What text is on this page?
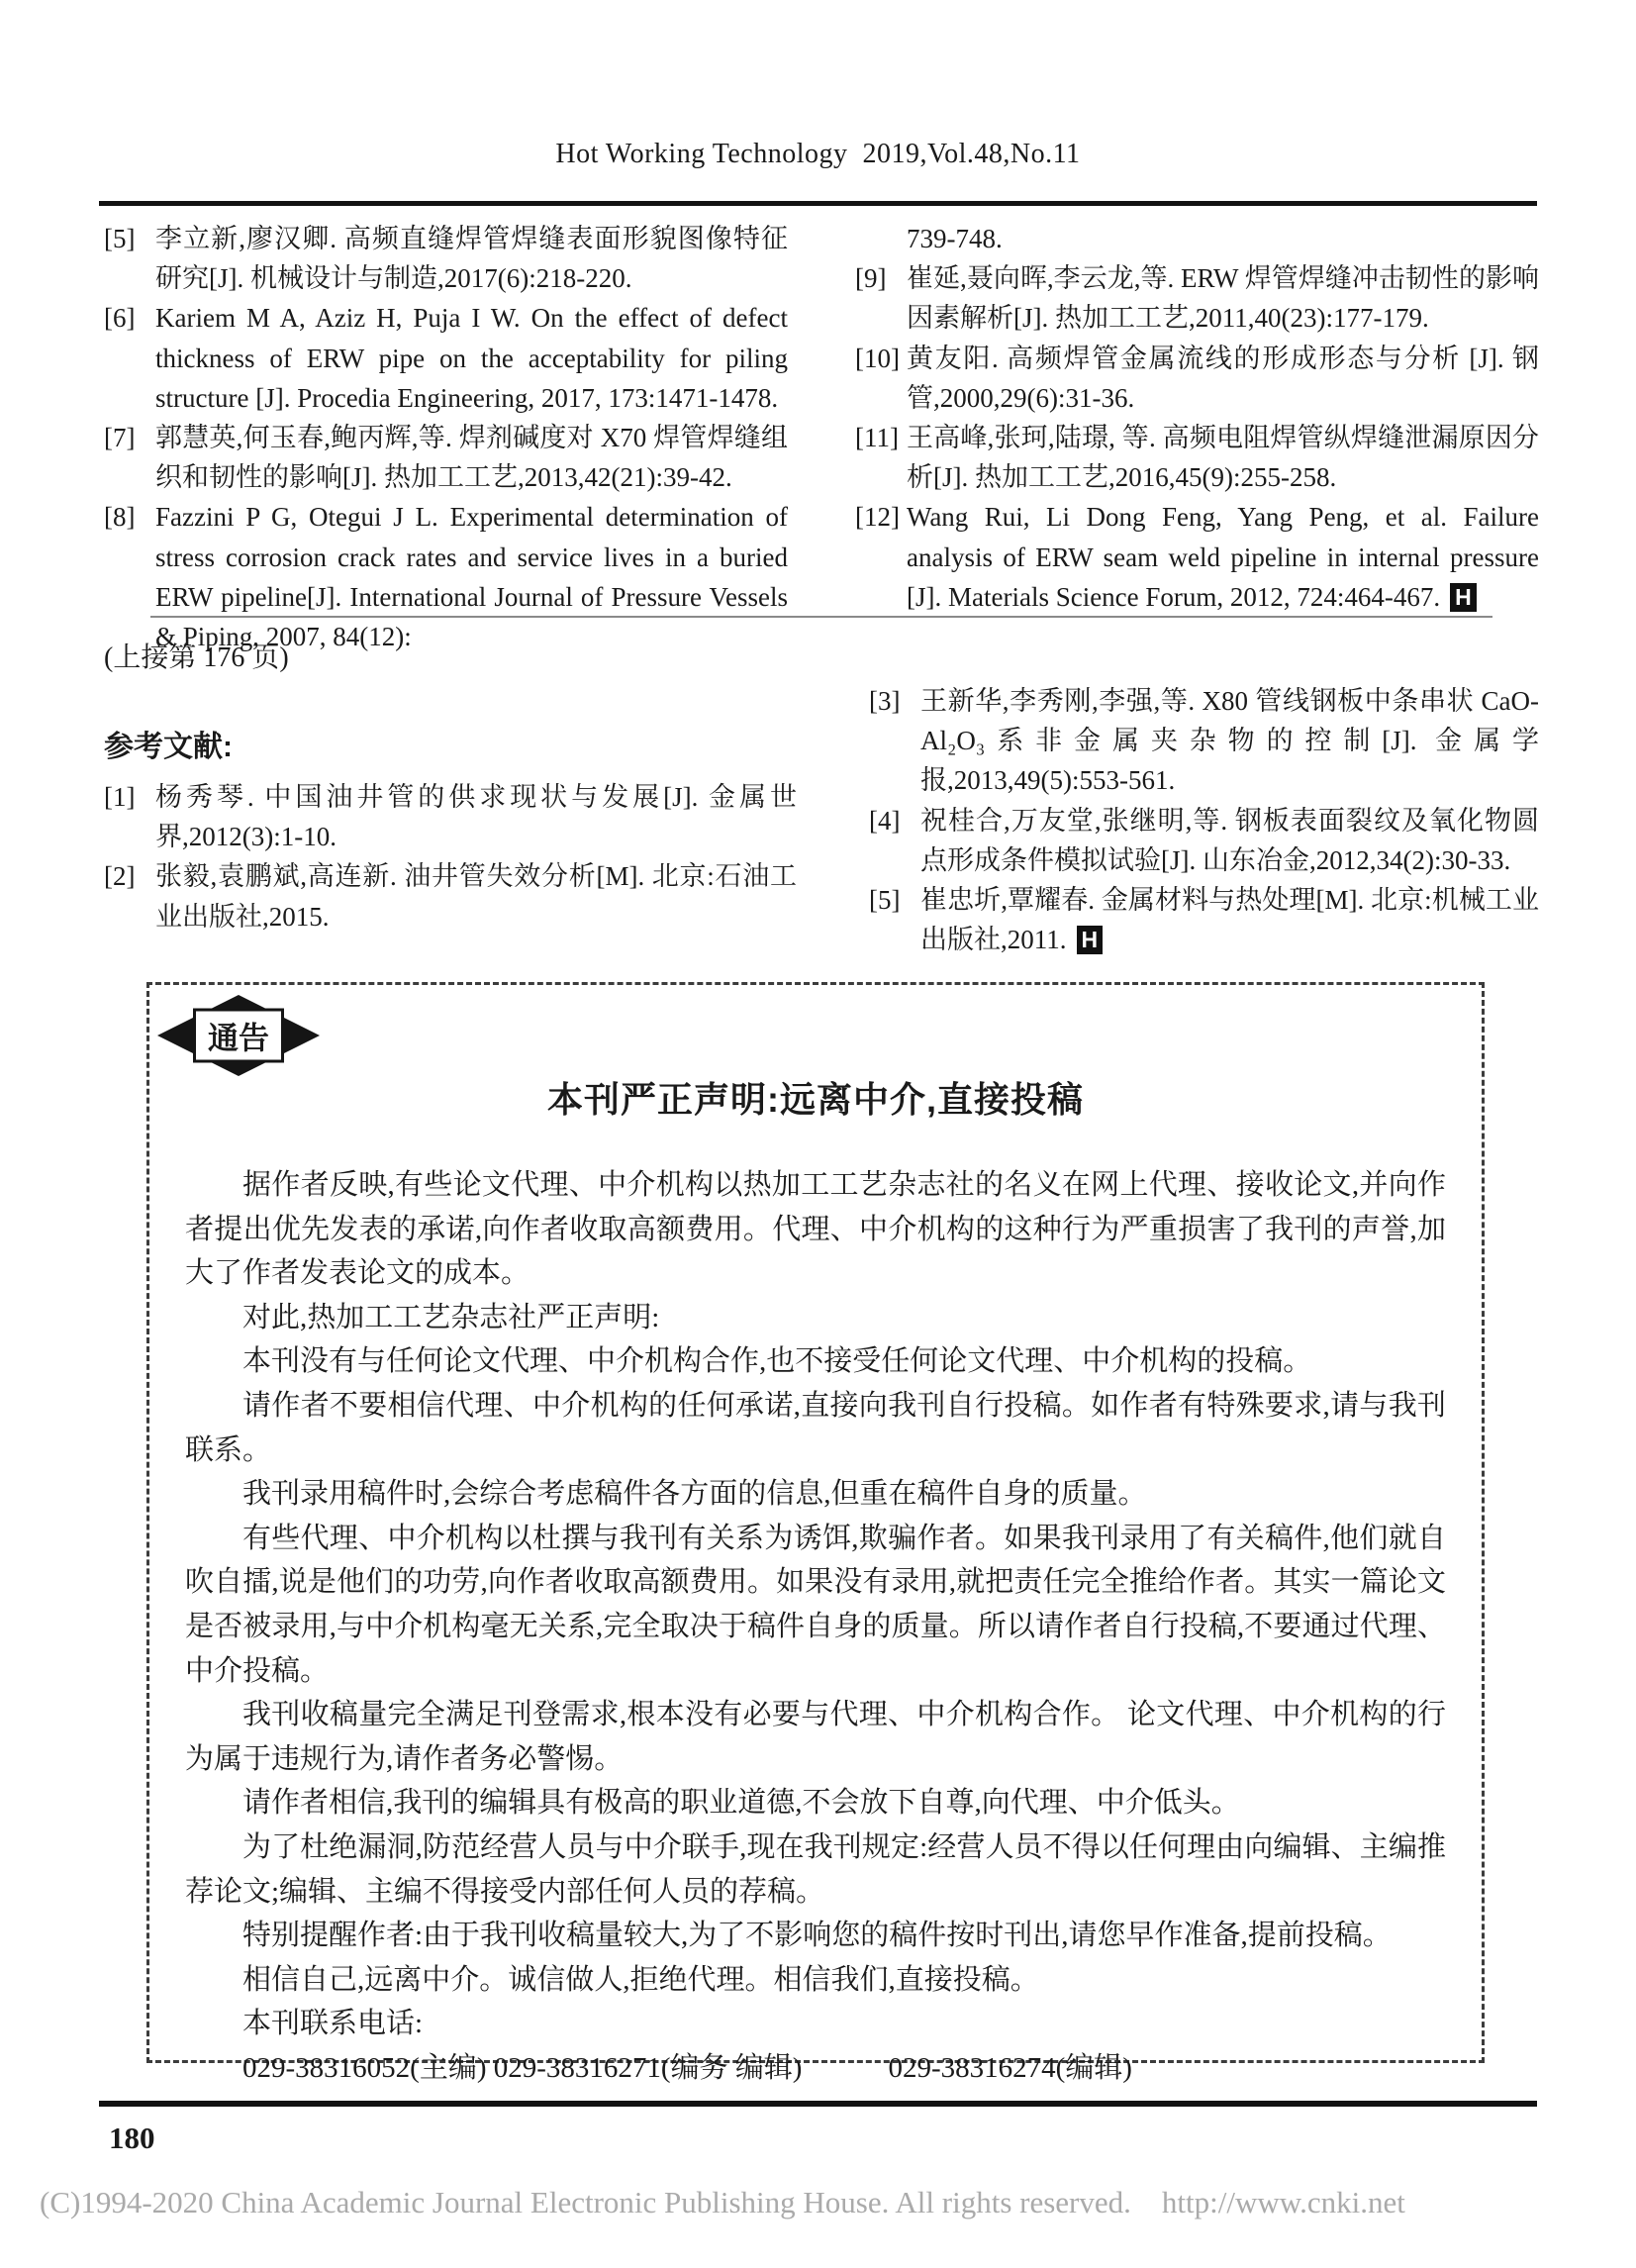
Hot Working Technology  2019,Vol.48,No.11
[5] 李立新,廖汉卿. 高频直缝焊管焊缝表面形貌图像特征研究[J]. 机械设计与制造,2017(6):218-220.
[6] Kariem M A, Aziz H, Puja I W. On the effect of defect thickness of ERW pipe on the acceptability for piling structure [J]. Procedia Engineering, 2017, 173:1471-1478.
[7] 郭慧英,何玉春,鲍丙辉,等. 焊剂碱度对 X70 焊管焊缝组织和韧性的影响[J]. 热加工工艺,2013,42(21):39-42.
[8] Fazzini P G, Otegui J L. Experimental determination of stress corrosion crack rates and service lives in a buried ERW pipeline[J]. International Journal of Pressure Vessels & Piping, 2007, 84(12):
739-748.
[9] 崔延,聂向晖,李云龙,等. ERW 焊管焊缝冲击韧性的影响因素解析[J]. 热加工工艺,2011,40(23):177-179.
[10] 黄友阳. 高频焊管金属流线的形成形态与分析 [J]. 钢管,2000,29(6):31-36.
[11] 王高峰,张珂,陆璟, 等. 高频电阻焊管纵焊缝泄漏原因分析[J]. 热加工工艺,2016,45(9):255-258.
[12] Wang Rui, Li Dong Feng, Yang Peng, et al. Failure analysis of ERW seam weld pipeline in internal pressure [J]. Materials Science Forum, 2012, 724:464-467. H
(上接第 176 页)
参考文献:
[1] 杨秀琴. 中国油井管的供求现状与发展[J]. 金属世界,2012(3):1-10.
[2] 张毅,袁鹏斌,高连新. 油井管失效分析[M]. 北京:石油工业出版社,2015.
[3] 王新华,李秀刚,李强,等. X80 管线钢板中条串状 CaO-Al₂O₃系非金属夹杂物的控制[J]. 金属学报,2013,49(5):553-561.
[4] 祝桂合,万友堂,张继明,等. 钢板表面裂纹及氧化物圆点形成条件模拟试验[J]. 山东冶金,2012,34(2):30-33.
[5] 崔忠圻,覃耀春. 金属材料与热处理[M]. 北京:机械工业出版社,2011. H
通告
本刊严正声明:远离中介,直接投稿

据作者反映,有些论文代理、中介机构以热加工工艺杂志社的名义在网上代理、接收论文,并向作者提出优先发表的承诺,向作者收取高额费用。代理、中介机构的这种行为严重损害了我刊的声誉,加大了作者发表论文的成本。

对此,热加工工艺杂志社严正声明:

本刊没有与任何论文代理、中介机构合作,也不接受任何论文代理、中介机构的投稿。

请作者不要相信代理、中介机构的任何承诺,直接向我刊自行投稿。如作者有特殊要求,请与我刊联系。

我刊录用稿件时,会综合考虑稿件各方面的信息,但重在稿件自身的质量。

有些代理、中介机构以杜撰与我刊有关系为诱饵,欺骗作者。如果我刊录用了有关稿件,他们就自吹自擂,说是他们的功劳,向作者收取高额费用。如果没有录用,就把责任完全推给作者。其实一篇论文是否被录用,与中介机构毫无关系,完全取决于稿件自身的质量。所以请作者自行投稿,不要通过代理、中介投稿。

我刊收稿量完全满足刊登需求,根本没有必要与代理、中介机构合作。 论文代理、中介机构的行为属于违规行为,请作者务必警惕。

请作者相信,我刊的编辑具有极高的职业道德,不会放下自尊,向代理、中介低头。

为了杜绝漏洞,防范经营人员与中介联手,现在我刊规定:经营人员不得以任何理由向编辑、主编推荐论文;编辑、主编不得接受内部任何人员的荐稿。

特别提醒作者:由于我刊收稿量较大,为了不影响您的稿件按时刊出,请您早作准备,提前投稿。

相信自己,远离中介。诚信做人,拒绝代理。相信我们,直接投稿。

本刊联系电话:

029-38316052(主编) 029-38316271(编务 编辑)　　　029-38316274(编辑)

180
(C)1994-2020 China Academic Journal Electronic Publishing House. All rights reserved.    http://www.cnki.net
